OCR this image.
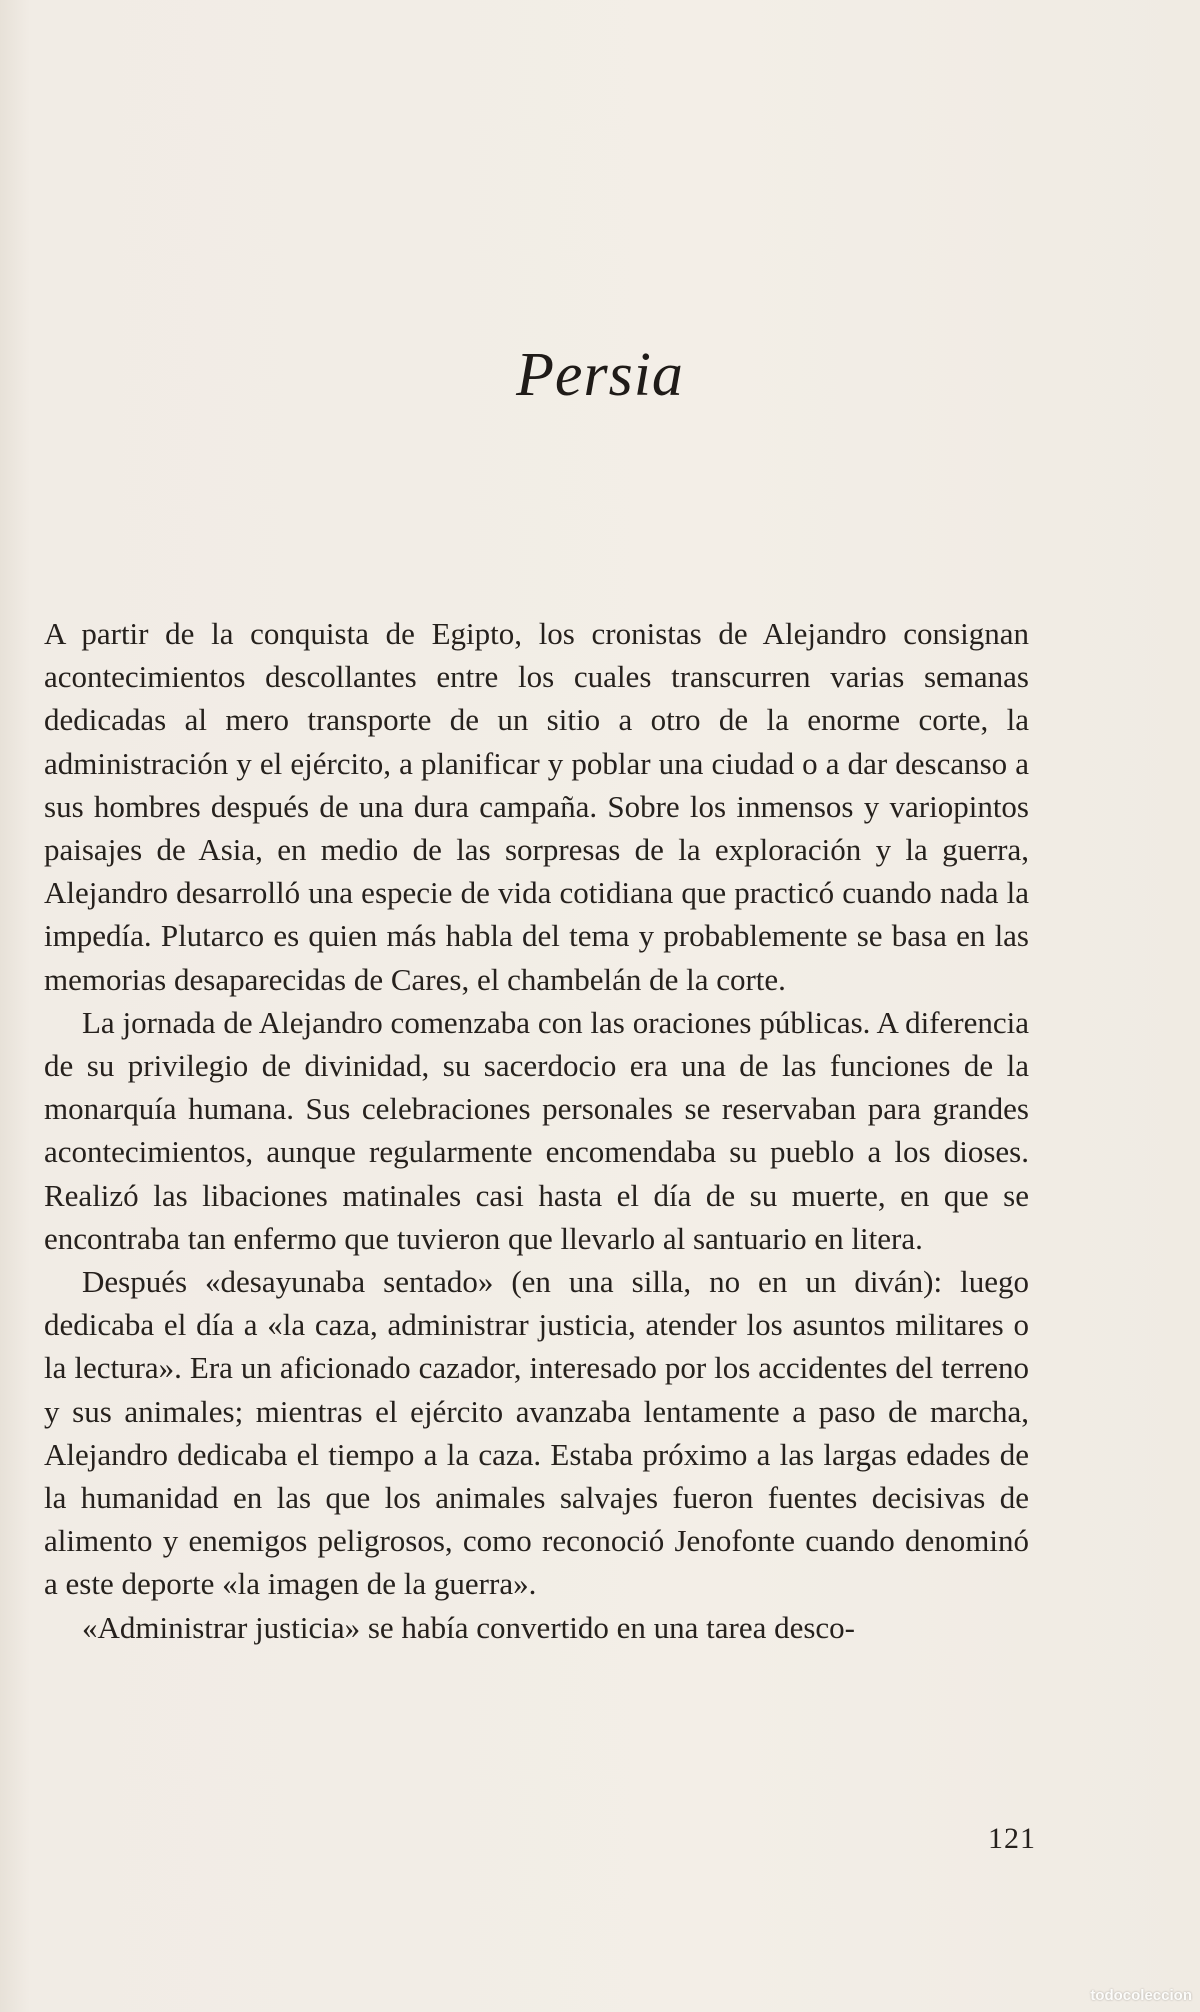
Persia

A partir de la conquista de Egipto, los cronistas de Alejandro consignan acontecimientos descollantes entre los cuales transcurren varias semanas dedicadas al mero transporte de un sitio a otro de la enorme corte, la administración y el ejército, a planificar y poblar una ciudad o a dar descanso a sus hombres después de una dura campaña. Sobre los inmensos y variopintos paisajes de Asia, en medio de las sorpresas de la exploración y la guerra, Alejandro desarrolló una especie de vida cotidiana que practicó cuando nada la impedía. Plutarco es quien más habla del tema y probablemente se basa en las memorias desaparecidas de Cares, el chambelán de la corte.

La jornada de Alejandro comenzaba con las oraciones públicas. A diferencia de su privilegio de divinidad, su sacerdocio era una de las funciones de la monarquía humana. Sus celebraciones personales se reservaban para grandes acontecimientos, aunque regularmente encomendaba su pueblo a los dioses. Realizó las libaciones matinales casi hasta el día de su muerte, en que se encontraba tan enfermo que tuvieron que llevarlo al santuario en litera.

Después «desayunaba sentado» (en una silla, no en un diván): luego dedicaba el día a «la caza, administrar justicia, atender los asuntos militares o la lectura». Era un aficionado cazador, interesado por los accidentes del terreno y sus animales; mientras el ejército avanzaba lentamente a paso de marcha, Alejandro dedicaba el tiempo a la caza. Estaba próximo a las largas edades de la humanidad en las que los animales salvajes fueron fuentes decisivas de alimento y enemigos peligrosos, como reconoció Jenofonte cuando denominó a este deporte «la imagen de la guerra».

«Administrar justicia» se había convertido en una tarea desco-

121
todocoleccion
